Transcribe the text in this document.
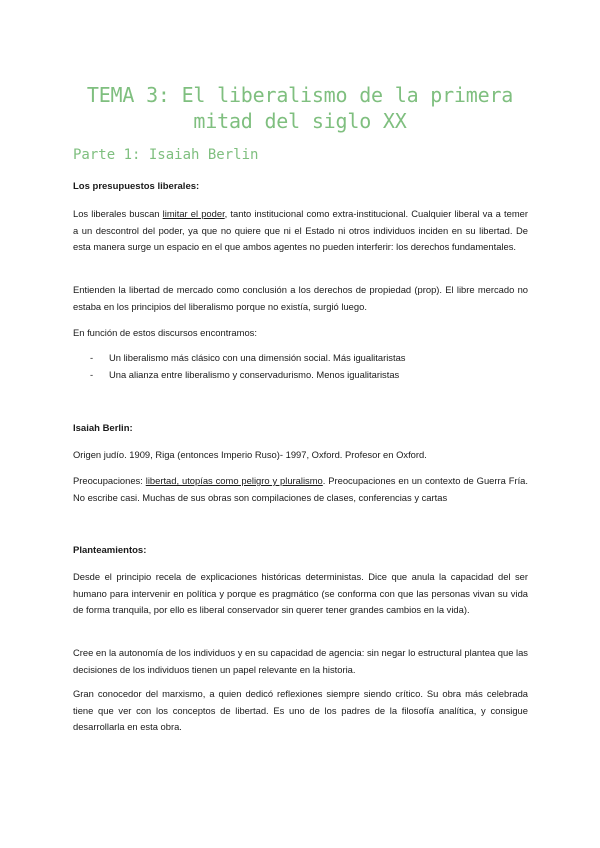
TEMA 3: El liberalismo de la primera mitad del siglo XX
Parte 1: Isaiah Berlin
Los presupuestos liberales:
Los liberales buscan limitar el poder, tanto institucional como extra-institucional. Cualquier liberal va a temer a un descontrol del poder, ya que no quiere que ni el Estado ni otros individuos inciden en su libertad. De esta manera surge un espacio en el que ambos agentes no pueden interferir: los derechos fundamentales.
Entienden la libertad de mercado como conclusión a los derechos de propiedad (prop). El libre mercado no estaba en los principios del liberalismo porque no existía, surgió luego.
En función de estos discursos encontramos:
- Un liberalismo más clásico con una dimensión social. Más igualitaristas
- Una alianza entre liberalismo y conservadurismo. Menos igualitaristas
Isaiah Berlin:
Origen judío. 1909, Riga (entonces Imperio Ruso)- 1997, Oxford. Profesor en Oxford.
Preocupaciones: libertad, utopías como peligro y pluralismo. Preocupaciones en un contexto de Guerra Fría. No escribe casi. Muchas de sus obras son compilaciones de clases, conferencias y cartas
Planteamientos:
Desde el principio recela de explicaciones históricas deterministas. Dice que anula la capacidad del ser humano para intervenir en política y porque es pragmático (se conforma con que las personas vivan su vida de forma tranquila, por ello es liberal conservador sin querer tener grandes cambios en la vida).
Cree en la autonomía de los individuos y en su capacidad de agencia: sin negar lo estructural plantea que las decisiones de los individuos tienen un papel relevante en la historia.
Gran conocedor del marxismo, a quien dedicó reflexiones siempre siendo crítico. Su obra más celebrada tiene que ver con los conceptos de libertad. Es uno de los padres de la filosofía analítica, y consigue desarrollarla en esta obra.
